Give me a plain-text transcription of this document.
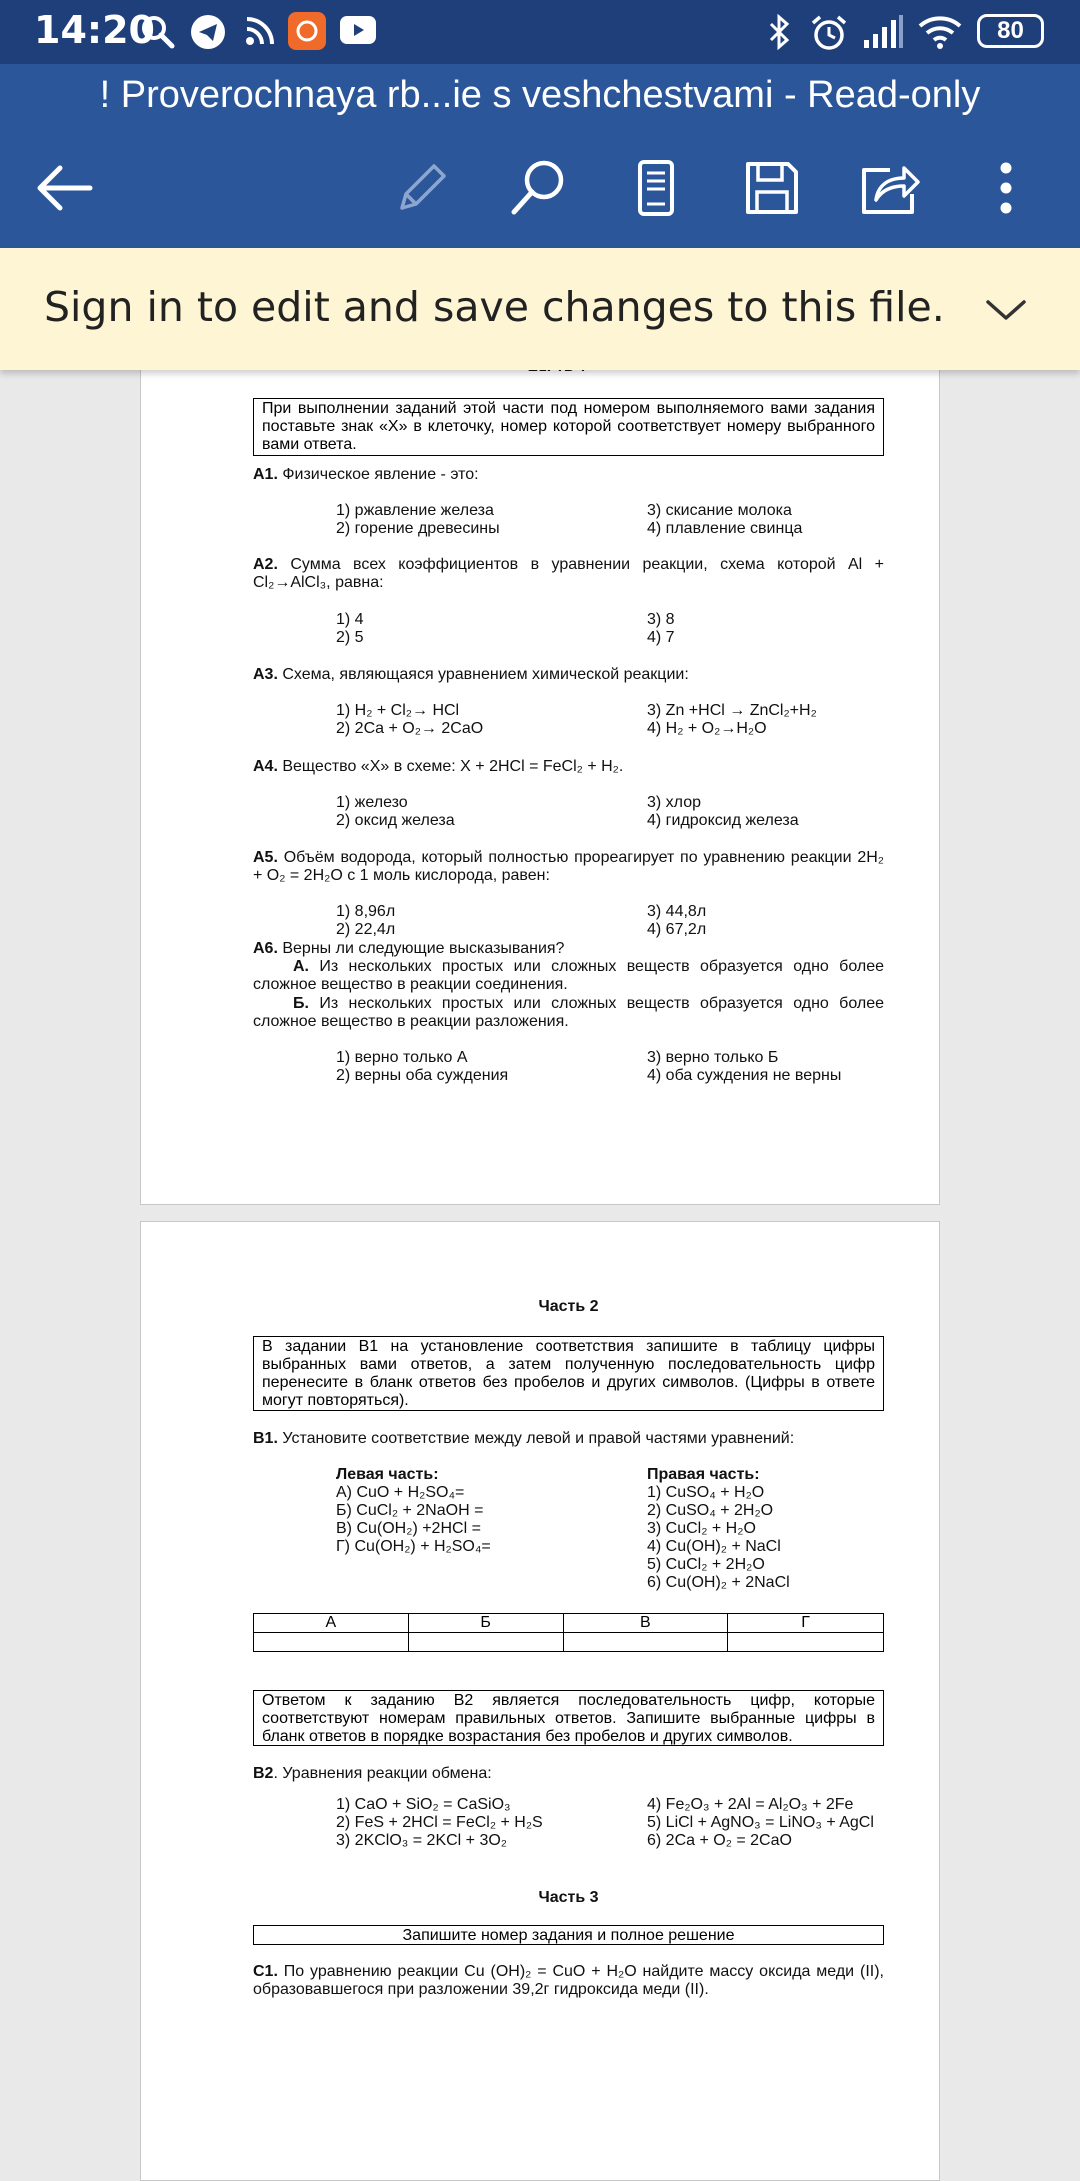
14:20	80
! Proverochnaya rb...ie s veshchestvami - Read-only
Sign in to edit and save changes to this file.
При выполнении заданий этой части под номером выполняемого вами задания поставьте знак «Х» в клеточку, номер которой соответствует номеру выбранного вами ответа.
А1. Физическое явление - это:
1) ржавление железа
2) горение древесины
3) скисание молока
4) плавление свинца
А2. Сумма всех коэффициентов в уравнении реакции, схема которой Al + Cl₂→AlCl₃, равна:
1) 4
2) 5
3) 8
4) 7
А3. Схема, являющаяся уравнением химической реакции:
1) H₂ + Cl₂→ HCl
2) 2Ca + O₂→ 2CaO
3) Zn +HCl → ZnCl₂+H₂
4) H₂ + O₂→H₂O
А4. Вещество «Х» в схеме: Х + 2HCl = FeCl₂ + H₂.
1) железо
2) оксид железа
3) хлор
4) гидроксид железа
А5. Объём водорода, который полностью прореагирует по уравнению реакции 2H₂ + O₂ = 2H₂O с 1 моль кислорода, равен:
1) 8,96л
2) 22,4л
3) 44,8л
4) 67,2л
А6. Верны ли следующие высказывания?
А. Из нескольких простых или сложных веществ образуется одно более сложное вещество в реакции соединения.
Б. Из нескольких простых или сложных веществ образуется одно более сложное вещество в реакции разложения.
1) верно только А
2) верны оба суждения
3) верно только Б
4) оба суждения не верны
Часть 2
В задании В1 на установление соответствия запишите в таблицу цифры выбранных вами ответов, а затем полученную последовательность цифр перенесите в бланк ответов без пробелов и других символов. (Цифры в ответе могут повторяться).
В1. Установите соответствие между левой и правой частями уравнений:
Левая часть:
А) CuO + H₂SO₄=
Б) CuCl₂ + 2NaOH =
В) Cu(OH₂) +2HCl =
Г) Cu(OH₂) + H₂SO₄=
Правая часть:
1) CuSO₄ + H₂O
2) CuSO₄ + 2H₂O
3) CuCl₂ + H₂O
4) Cu(OH)₂ + NaCl
5) CuCl₂ + 2H₂O
6) Cu(OH)₂ + 2NaCl
А	Б	В	Г

Ответом к заданию В2 является последовательность цифр, которые соответствуют номерам правильных ответов. Запишите выбранные цифры в бланк ответов в порядке возрастания без пробелов и других символов.
В2. Уравнения реакции обмена:
1) CaO + SiO₂ = CaSiO₃
2) FeS + 2HCl = FeCl₂ + H₂S
3) 2KClO₃ = 2KCl + 3O₂
4) Fe₂O₃ + 2Al = Al₂O₃ + 2Fe
5) LiCl + AgNO₃ = LiNO₃ + AgCl
6) 2Ca + O₂ = 2CaO
Часть 3
Запишите номер задания и полное решение
С1. По уравнению реакции Cu (OH)₂ = CuO + H₂O найдите массу оксида меди (II), образовавшегося при разложении 39,2г гидроксида меди (II).
